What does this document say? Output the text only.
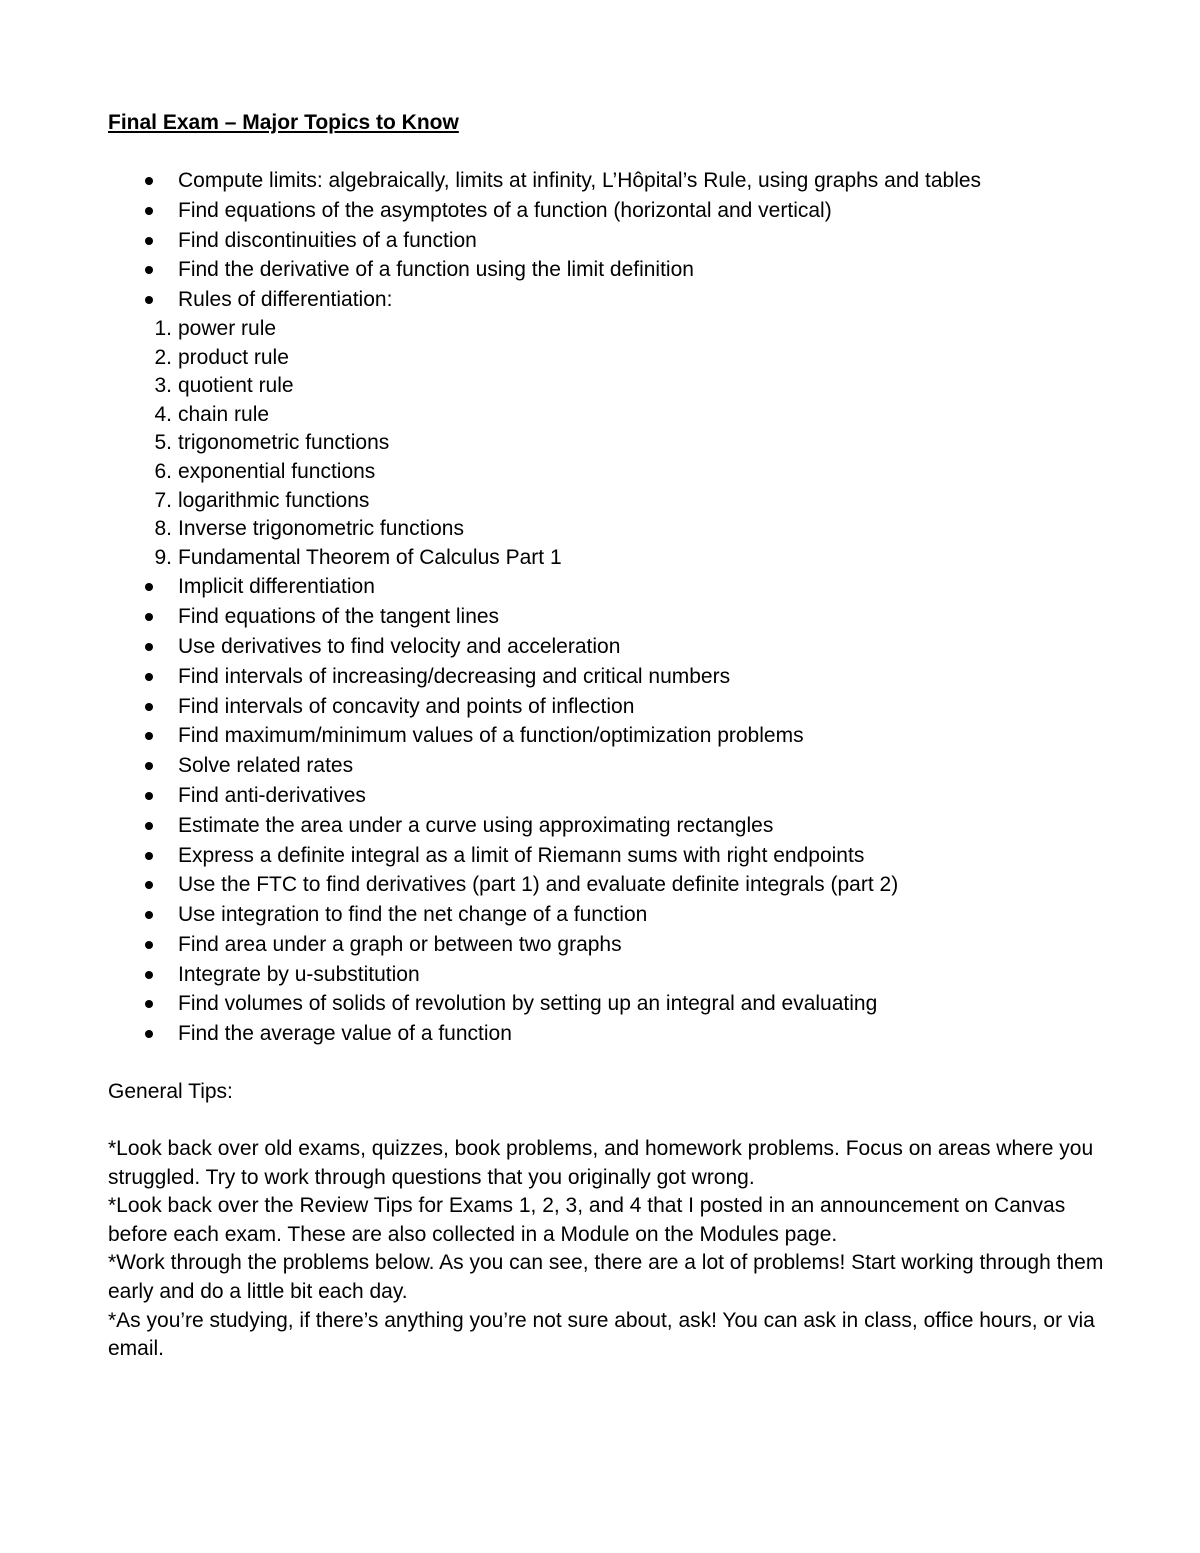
Final Exam – Major Topics to Know
Compute limits: algebraically, limits at infinity, L’Hôpital’s Rule, using graphs and tables
Find equations of the asymptotes of a function (horizontal and vertical)
Find discontinuities of a function
Find the derivative of a function using the limit definition
Rules of differentiation:
1. power rule
2. product rule
3. quotient rule
4. chain rule
5. trigonometric functions
6. exponential functions
7. logarithmic functions
8. Inverse trigonometric functions
9. Fundamental Theorem of Calculus Part 1
Implicit differentiation
Find equations of the tangent lines
Use derivatives to find velocity and acceleration
Find intervals of increasing/decreasing and critical numbers
Find intervals of concavity and points of inflection
Find maximum/minimum values of a function/optimization problems
Solve related rates
Find anti-derivatives
Estimate the area under a curve using approximating rectangles
Express a definite integral as a limit of Riemann sums with right endpoints
Use the FTC to find derivatives (part 1) and evaluate definite integrals (part 2)
Use integration to find the net change of a function
Find area under a graph or between two graphs
Integrate by u-substitution
Find volumes of solids of revolution by setting up an integral and evaluating
Find the average value of a function
General Tips:

*Look back over old exams, quizzes, book problems, and homework problems. Focus on areas where you struggled. Try to work through questions that you originally got wrong.

*Look back over the Review Tips for Exams 1, 2, 3, and 4 that I posted in an announcement on Canvas before each exam. These are also collected in a Module on the Modules page.

*Work through the problems below. As you can see, there are a lot of problems! Start working through them early and do a little bit each day.

*As you’re studying, if there’s anything you’re not sure about, ask! You can ask in class, office hours, or via email.
